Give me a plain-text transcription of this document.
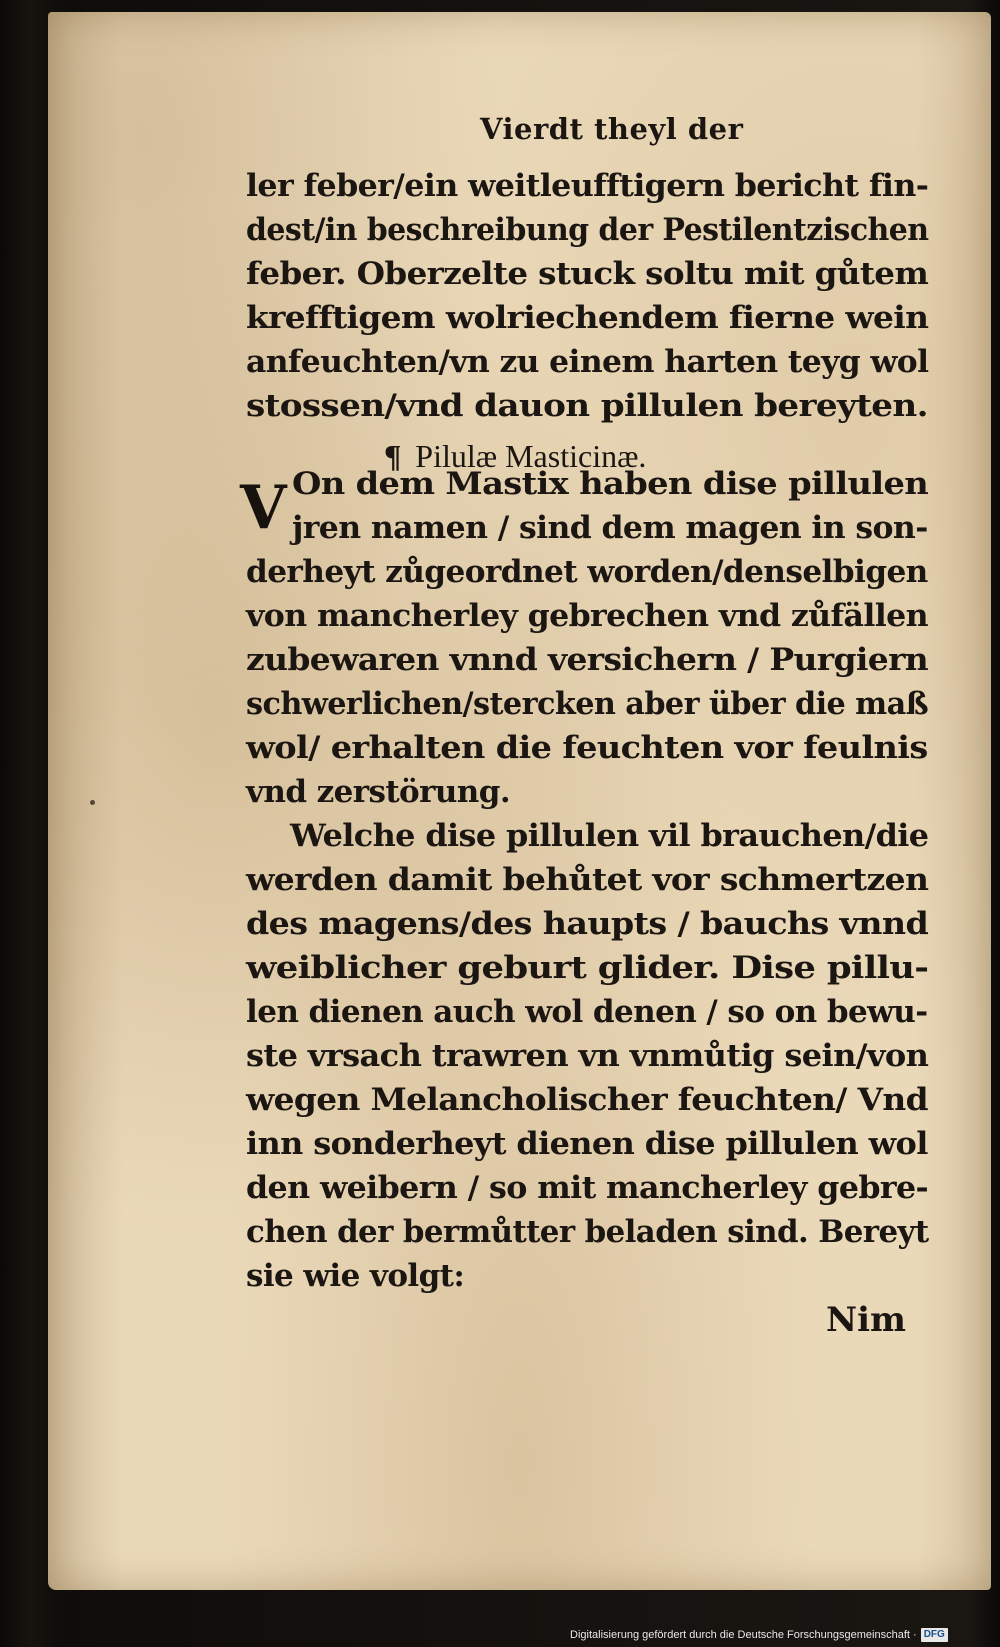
Vierdt theyl der
ler feber/ein weitleufftigern bericht fin-
dest/in beschreibung der Pestilentzischen
feber. Oberzelte stuck soltu mit gůtem
krefftigem wolriechendem fierne wein
anfeuchten/vn zu einem harten teyg wol
stossen/vnd dauon pillulen bereyten.
¶ Pilulæ Masticinæ.
V On dem Mastix haben dise pillulen
jren namen / sind dem magen in son-
derheyt zůgeordnet worden/denselbigen
von mancherley gebrechen vnd zůfällen
zubewaren vnnd versichern / Purgiern
schwerlichen/stercken aber über die maß
wol/ erhalten die feuchten vor feulnis
vnd zerstörung.
Welche dise pillulen vil brauchen/die
werden damit behůtet vor schmertzen
des magens/des haupts / bauchs vnnd
weiblicher geburt glider. Dise pillu-
len dienen auch wol denen / so on bewu-
ste vrsach trawren vn vnmůtig sein/von
wegen Melancholischer feuchten/ Vnd
inn sonderheyt dienen dise pillulen wol
den weibern / so mit mancherley gebre-
chen der bermůtter beladen sind. Bereyt
sie wie volgt:
Nim
Digitalisierung gefördert durch die Deutsche Forschungsgemeinschaft · DFG
